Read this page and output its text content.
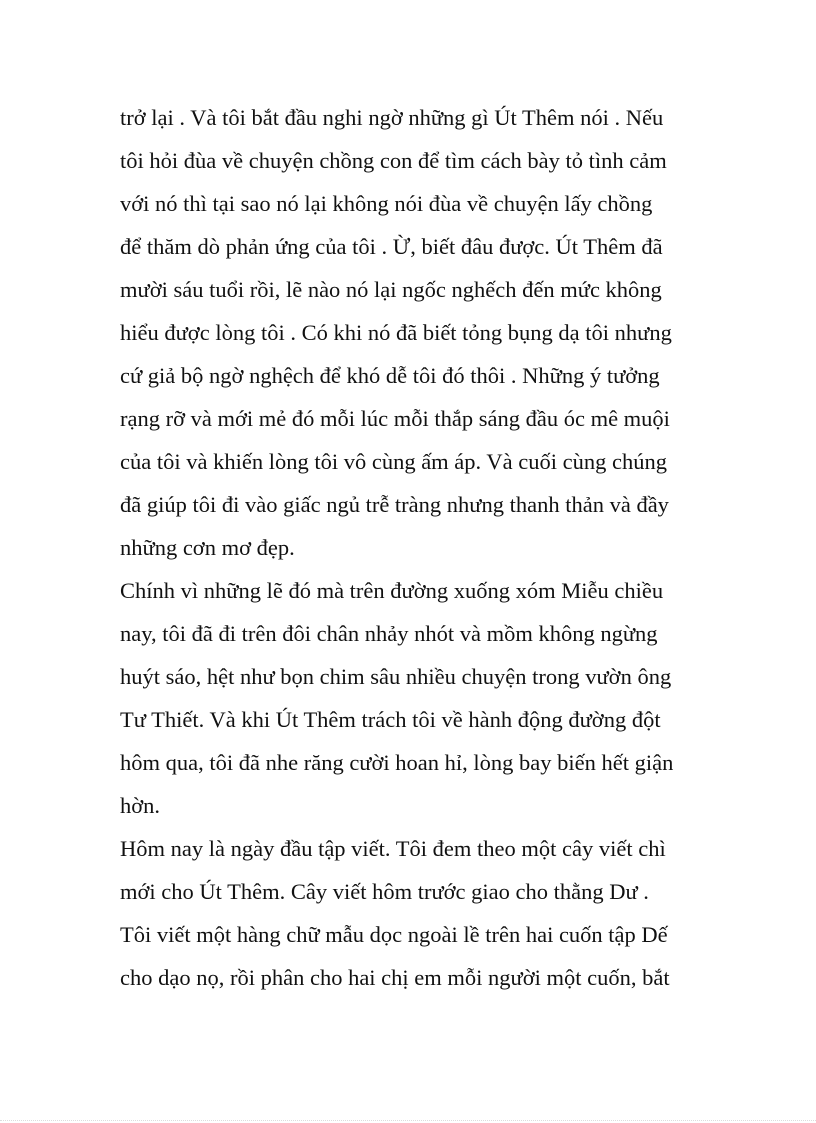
trở lại . Và tôi bắt đầu nghi ngờ những gì Út Thêm nói . Nếu
tôi hỏi đùa về chuyện chồng con để tìm cách bày tỏ tình cảm
với nó thì tại sao nó lại không nói đùa về chuyện lấy chồng
để thăm dò phản ứng của tôi . Ừ, biết đâu được. Út Thêm đã
mười sáu tuổi rồi, lẽ nào nó lại ngốc nghếch đến mức không
hiểu được lòng tôi . Có khi nó đã biết tỏng bụng dạ tôi nhưng
cứ giả bộ ngờ nghệch để khó dễ tôi đó thôi . Những ý tưởng
rạng rỡ và mới mẻ đó mỗi lúc mỗi thắp sáng đầu óc mê muội
của tôi và khiến lòng tôi vô cùng ấm áp. Và cuối cùng chúng
đã giúp tôi đi vào giấc ngủ trễ tràng nhưng thanh thản và đầy
những cơn mơ đẹp.
Chính vì những lẽ đó mà trên đường xuống xóm Miễu chiều
nay, tôi đã đi trên đôi chân nhảy nhót và mồm không ngừng
huýt sáo, hệt như bọn chim sâu nhiều chuyện trong vườn ông
Tư Thiết. Và khi Út Thêm trách tôi về hành động đường đột
hôm qua, tôi đã nhe răng cười hoan hỉ, lòng bay biến hết giận
hờn.
Hôm nay là ngày đầu tập viết. Tôi đem theo một cây viết chì
mới cho Út Thêm. Cây viết hôm trước giao cho thằng Dư .
Tôi viết một hàng chữ mẫu dọc ngoài lề trên hai cuốn tập Dế
cho dạo nọ, rồi phân cho hai chị em mỗi người một cuốn, bắt
